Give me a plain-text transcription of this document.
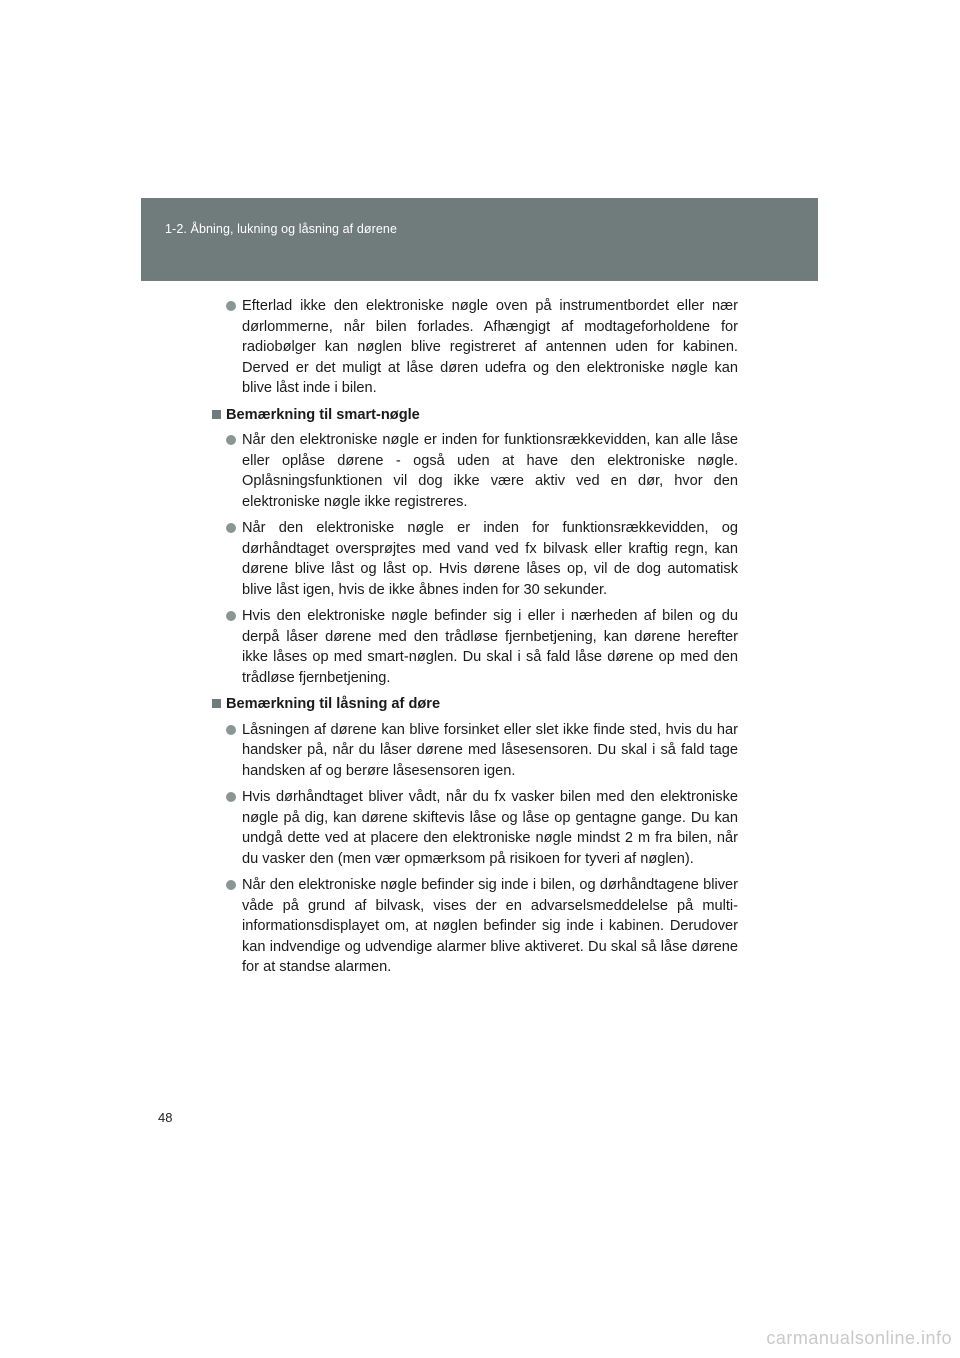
1-2. Åbning, lukning og låsning af dørene
Efterlad ikke den elektroniske nøgle oven på instrumentbordet eller nær dørlommerne, når bilen forlades. Afhængigt af modtageforholdene for radiobølger kan nøglen blive registreret af antennen uden for kabinen. Derved er det muligt at låse døren udefra og den elektroniske nøgle kan blive låst inde i bilen.
Bemærkning til smart-nøgle
Når den elektroniske nøgle er inden for funktionsrækkevidden, kan alle låse eller oplåse dørene - også uden at have den elektroniske nøgle. Oplåsningsfunktionen vil dog ikke være aktiv ved en dør, hvor den elektroniske nøgle ikke registreres.
Når den elektroniske nøgle er inden for funktionsrækkevidden, og dørhåndtaget oversprøjtes med vand ved fx bilvask eller kraftig regn, kan dørene blive låst og låst op. Hvis dørene låses op, vil de dog automatisk blive låst igen, hvis de ikke åbnes inden for 30 sekunder.
Hvis den elektroniske nøgle befinder sig i eller i nærheden af bilen og du derpå låser dørene med den trådløse fjernbetjening, kan dørene herefter ikke låses op med smart-nøglen. Du skal i så fald låse dørene op med den trådløse fjernbetjening.
Bemærkning til låsning af døre
Låsningen af dørene kan blive forsinket eller slet ikke finde sted, hvis du har handsker på, når du låser dørene med låsesensoren. Du skal i så fald tage handsken af og berøre låsesensoren igen.
Hvis dørhåndtaget bliver vådt, når du fx vasker bilen med den elektroniske nøgle på dig, kan dørene skiftevis låse og låse op gentagne gange. Du kan undgå dette ved at placere den elektroniske nøgle mindst 2 m fra bilen, når du vasker den (men vær opmærksom på risikoen for tyveri af nøglen).
Når den elektroniske nøgle befinder sig inde i bilen, og dørhåndtagene bliver våde på grund af bilvask, vises der en advarselsmeddelelse på multi-informationsdisplayet om, at nøglen befinder sig inde i kabinen. Derudover kan indvendige og udvendige alarmer blive aktiveret. Du skal så låse dørene for at standse alarmen.
48
carmanualsonline.info
